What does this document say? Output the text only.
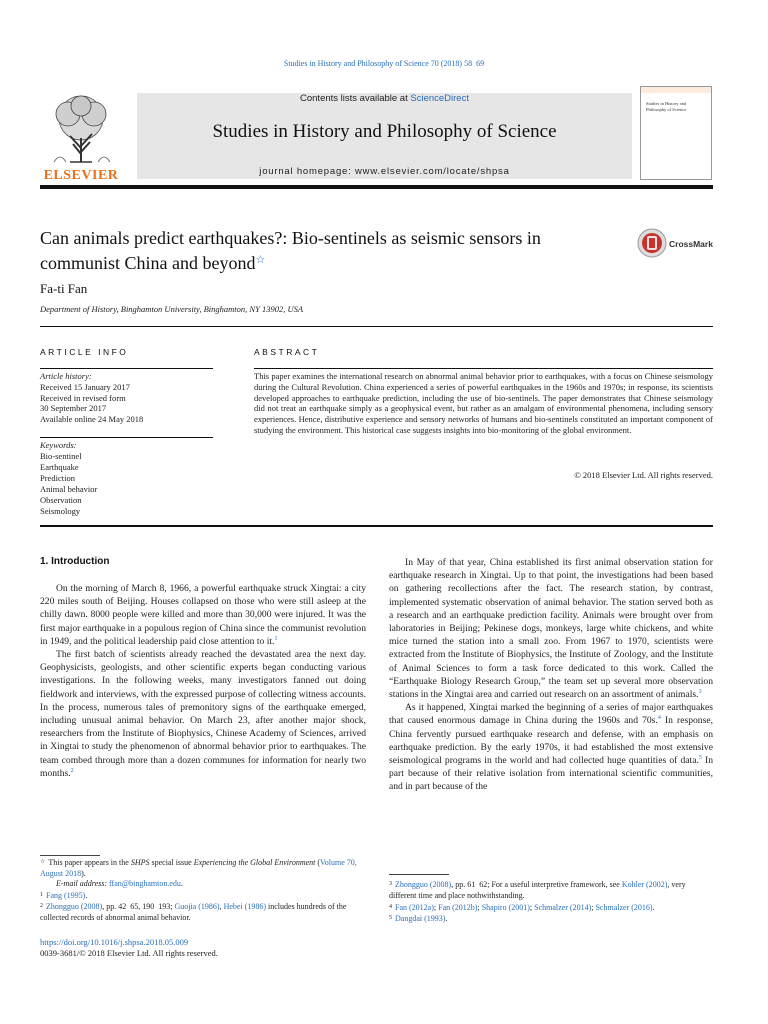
Studies in History and Philosophy of Science 70 (2018) 58  69
ELSEVIER
Contents lists available at ScienceDirect
Studies in History and Philosophy of Science
journal homepage: www.elsevier.com/locate/shpsa
Studies in History and Philosophy of Science
Can animals predict earthquakes?: Bio-sentinels as seismic sensors in communist China and beyond☆
CrossMark
Fa-ti Fan
Department of History, Binghamton University, Binghamton, NY 13902, USA
ARTICLE INFO	ABSTRACT
Article history:
Received 15 January 2017
Received in revised form
30 September 2017
Available online 24 May 2018
Keywords:
Bio-sentinel
Earthquake
Prediction
Animal behavior
Observation
Seismology
This paper examines the international research on abnormal animal behavior prior to earthquakes, with a focus on Chinese seismology during the Cultural Revolution. China experienced a series of powerful earthquakes in the 1960s and 1970s; in response, its scientists developed approaches to earthquake prediction, including the use of bio-sentinels. The paper demonstrates that Chinese seismology did not treat an earthquake simply as a geophysical event, but rather as an amalgam of environmental phenomena, including sensory experiences. Hence, distributive experience and sensory networks of humans and bio-sentinels constituted an important component of studying the environment. This historical case suggests insights into bio-monitoring of the global environment.
© 2018 Elsevier Ltd. All rights reserved.
1. Introduction

On the morning of March 8, 1966, a powerful earthquake struck Xingtai: a city 220 miles south of Beijing. Houses collapsed on those who were still asleep at the chilly dawn. 8000 people were killed and more than 30,000 were injured. It was the first major earthquake in a populous region of China since the communist revolution in 1949, and the political leadership paid close attention to it.$^1$

The first batch of scientists already reached the devastated area the next day. Geophysicists, geologists, and other scientific experts began conducting various investigations. In the following weeks, many investigators fanned out doing fieldwork and interviews, with the expressed purpose of collecting witness accounts. In the process, numerous tales of premonitory signs of the earthquake emerged, including unusual animal behavior. On March 23, after another major shock, researchers from the Institute of Biophysics, Chinese Academy of Sciences, arrived in Xingtai to study the phenomenon of abnormal behavior prior to earthquakes. The team combed through more than a dozen communes for information for nearly two months.$^2$

In May of that year, China established its first animal observation station for earthquake research in Xingtai. Up to that point, the investigations had been based on gathering recollections after the fact. The research station, by contrast, implemented systematic observation of animal behavior. The station served both as a research and an earthquake prediction facility. Animals were brought over from laboratories in Beijing; Pekinese dogs, monkeys, large white chickens, and white mice turned the station into a small zoo. From 1967 to 1970, scientists were extracted from the Institute of Biophysics, the Institute of Zoology, and the Institute of Animal Sciences to form a task force dedicated to this work. Called the “Earthquake Biology Research Group,” the team set up several more observation stations in the Xingtai area and carried out research on an assortment of animals.$^3$

As it happened, Xingtai marked the beginning of a series of major earthquakes that caused enormous damage in China during the 1960s and 70s.$^4$ In response, China fervently pursued earthquake research and defense, with an emphasis on earthquake prediction. By the early 1970s, it had established the most extensive seismological programs in the world and had collected huge quantities of data.$^5$ In part because of their relative isolation from international scientific communities, and in part because of the

☆ This paper appears in the SHPS special issue Experiencing the Global Environment (Volume 70, August 2018).

E-mail address: ffan@binghamton.edu.

$^1$ Fang (1995).

$^2$ Zhongguo (2008), pp. 42  65, 190  193; Guojia (1986), Hebei (1986) includes hundreds of the collected records of abnormal animal behavior.

$^3$ Zhongguo (2008), pp. 61  62; For a useful interpretive framework, see Kohler (2002), very different time and place nothwithstanding.

$^4$ Fan (2012a); Fan (2012b); Shapiro (2001); Schmalzer (2014); Schmalzer (2016).

$^5$ Dangdai (1993).

https://doi.org/10.1016/j.shpsa.2018.05.009
0039-3681/© 2018 Elsevier Ltd. All rights reserved.
